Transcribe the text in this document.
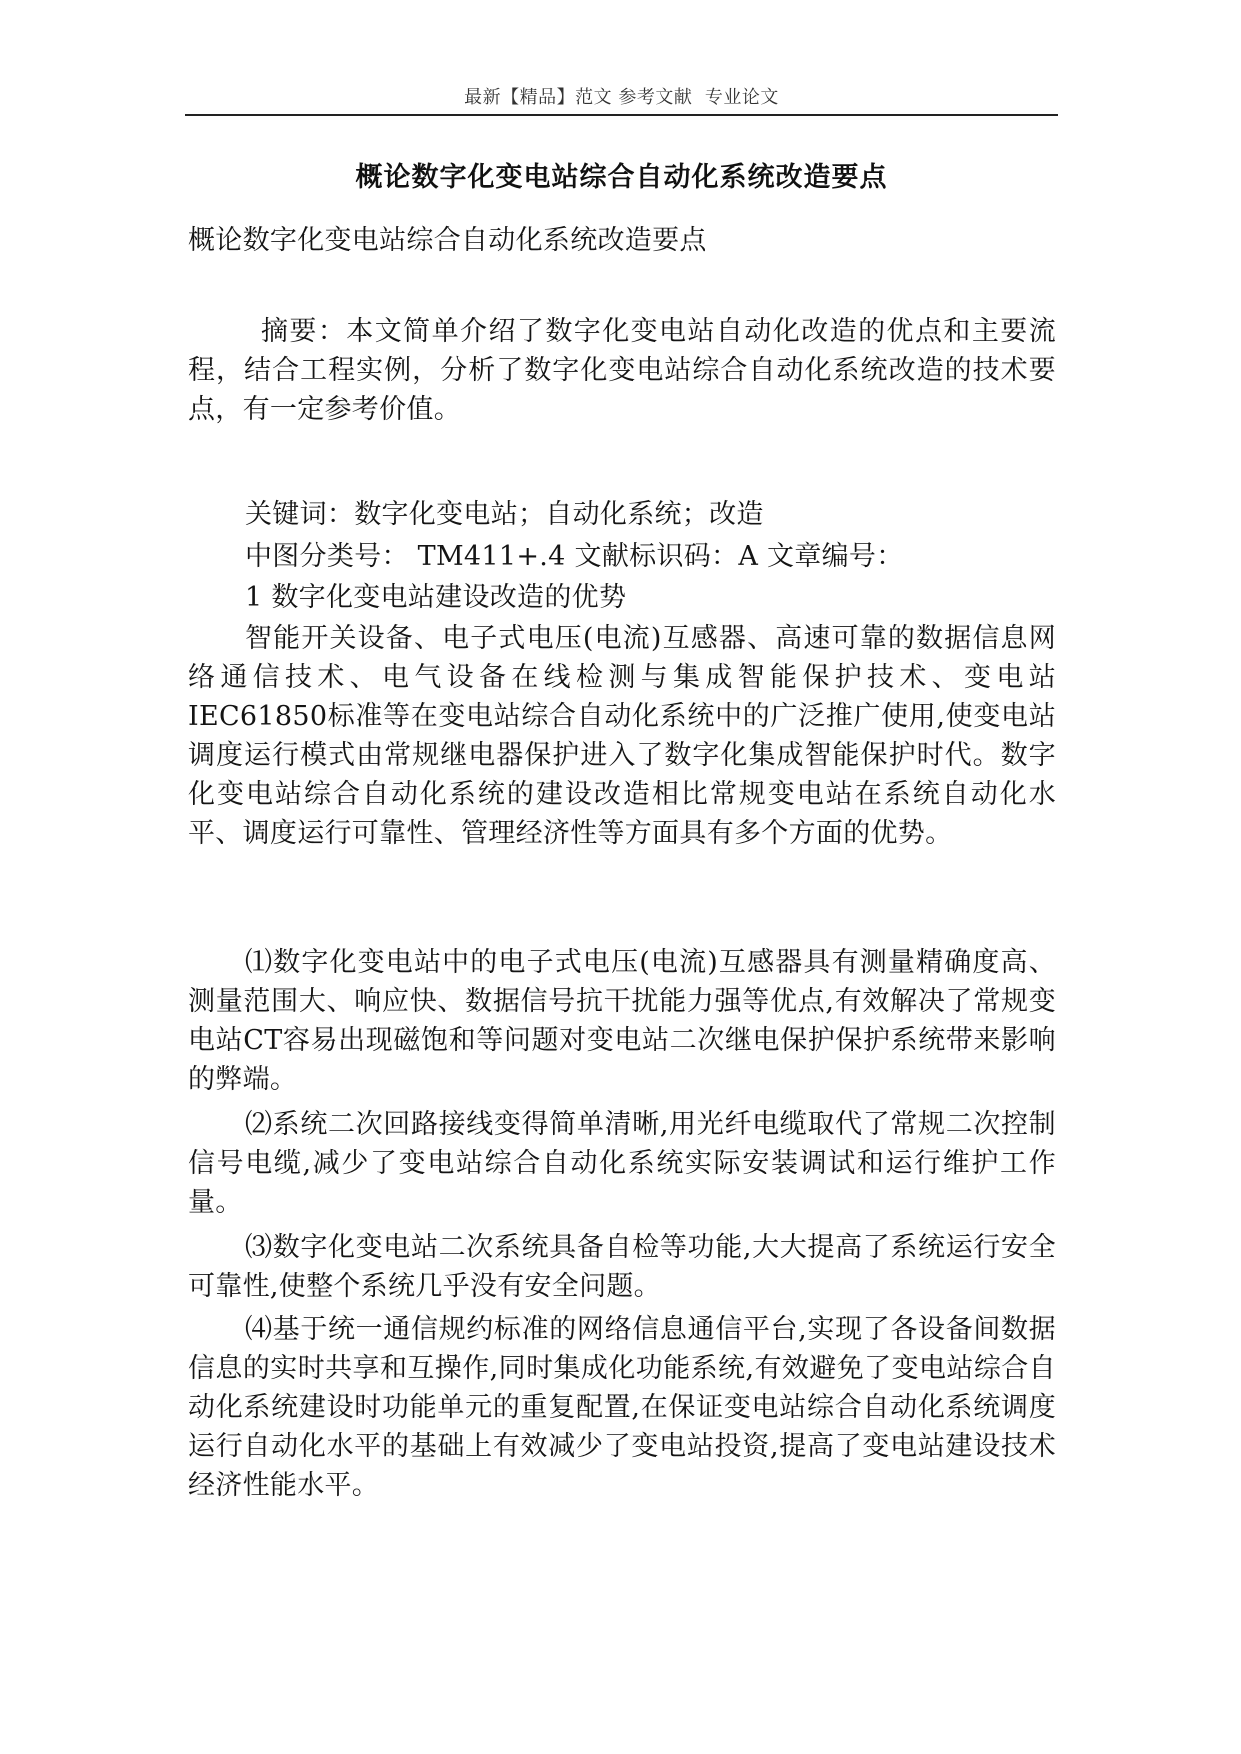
最新【精品】范文 参考文献  专业论文
概论数字化变电站综合自动化系统改造要点
概论数字化变电站综合自动化系统改造要点
摘要：本文简单介绍了数字化变电站自动化改造的优点和主要流程，结合工程实例，分析了数字化变电站综合自动化系统改造的技术要点，有一定参考价值。
关键词：数字化变电站；自动化系统；改造
中图分类号： TM411+.4 文献标识码：A 文章编号：
1 数字化变电站建设改造的优势
智能开关设备、电子式电压(电流)互感器、高速可靠的数据信息网络通信技术、电气设备在线检测与集成智能保护技术、变电站IEC61850标准等在变电站综合自动化系统中的广泛推广使用,使变电站调度运行模式由常规继电器保护进入了数字化集成智能保护时代。数字化变电站综合自动化系统的建设改造相比常规变电站在系统自动化水平、调度运行可靠性、管理经济性等方面具有多个方面的优势。
⑴数字化变电站中的电子式电压(电流)互感器具有测量精确度高、测量范围大、响应快、数据信号抗干扰能力强等优点,有效解决了常规变电站CT容易出现磁饱和等问题对变电站二次继电保护保护系统带来影响的弊端。
⑵系统二次回路接线变得简单清晰,用光纤电缆取代了常规二次控制信号电缆,减少了变电站综合自动化系统实际安装调试和运行维护工作量。
⑶数字化变电站二次系统具备自检等功能,大大提高了系统运行安全可靠性,使整个系统几乎没有安全问题。
⑷基于统一通信规约标准的网络信息通信平台,实现了各设备间数据信息的实时共享和互操作,同时集成化功能系统,有效避免了变电站综合自动化系统建设时功能单元的重复配置,在保证变电站综合自动化系统调度运行自动化水平的基础上有效减少了变电站投资,提高了变电站建设技术经济性能水平。
